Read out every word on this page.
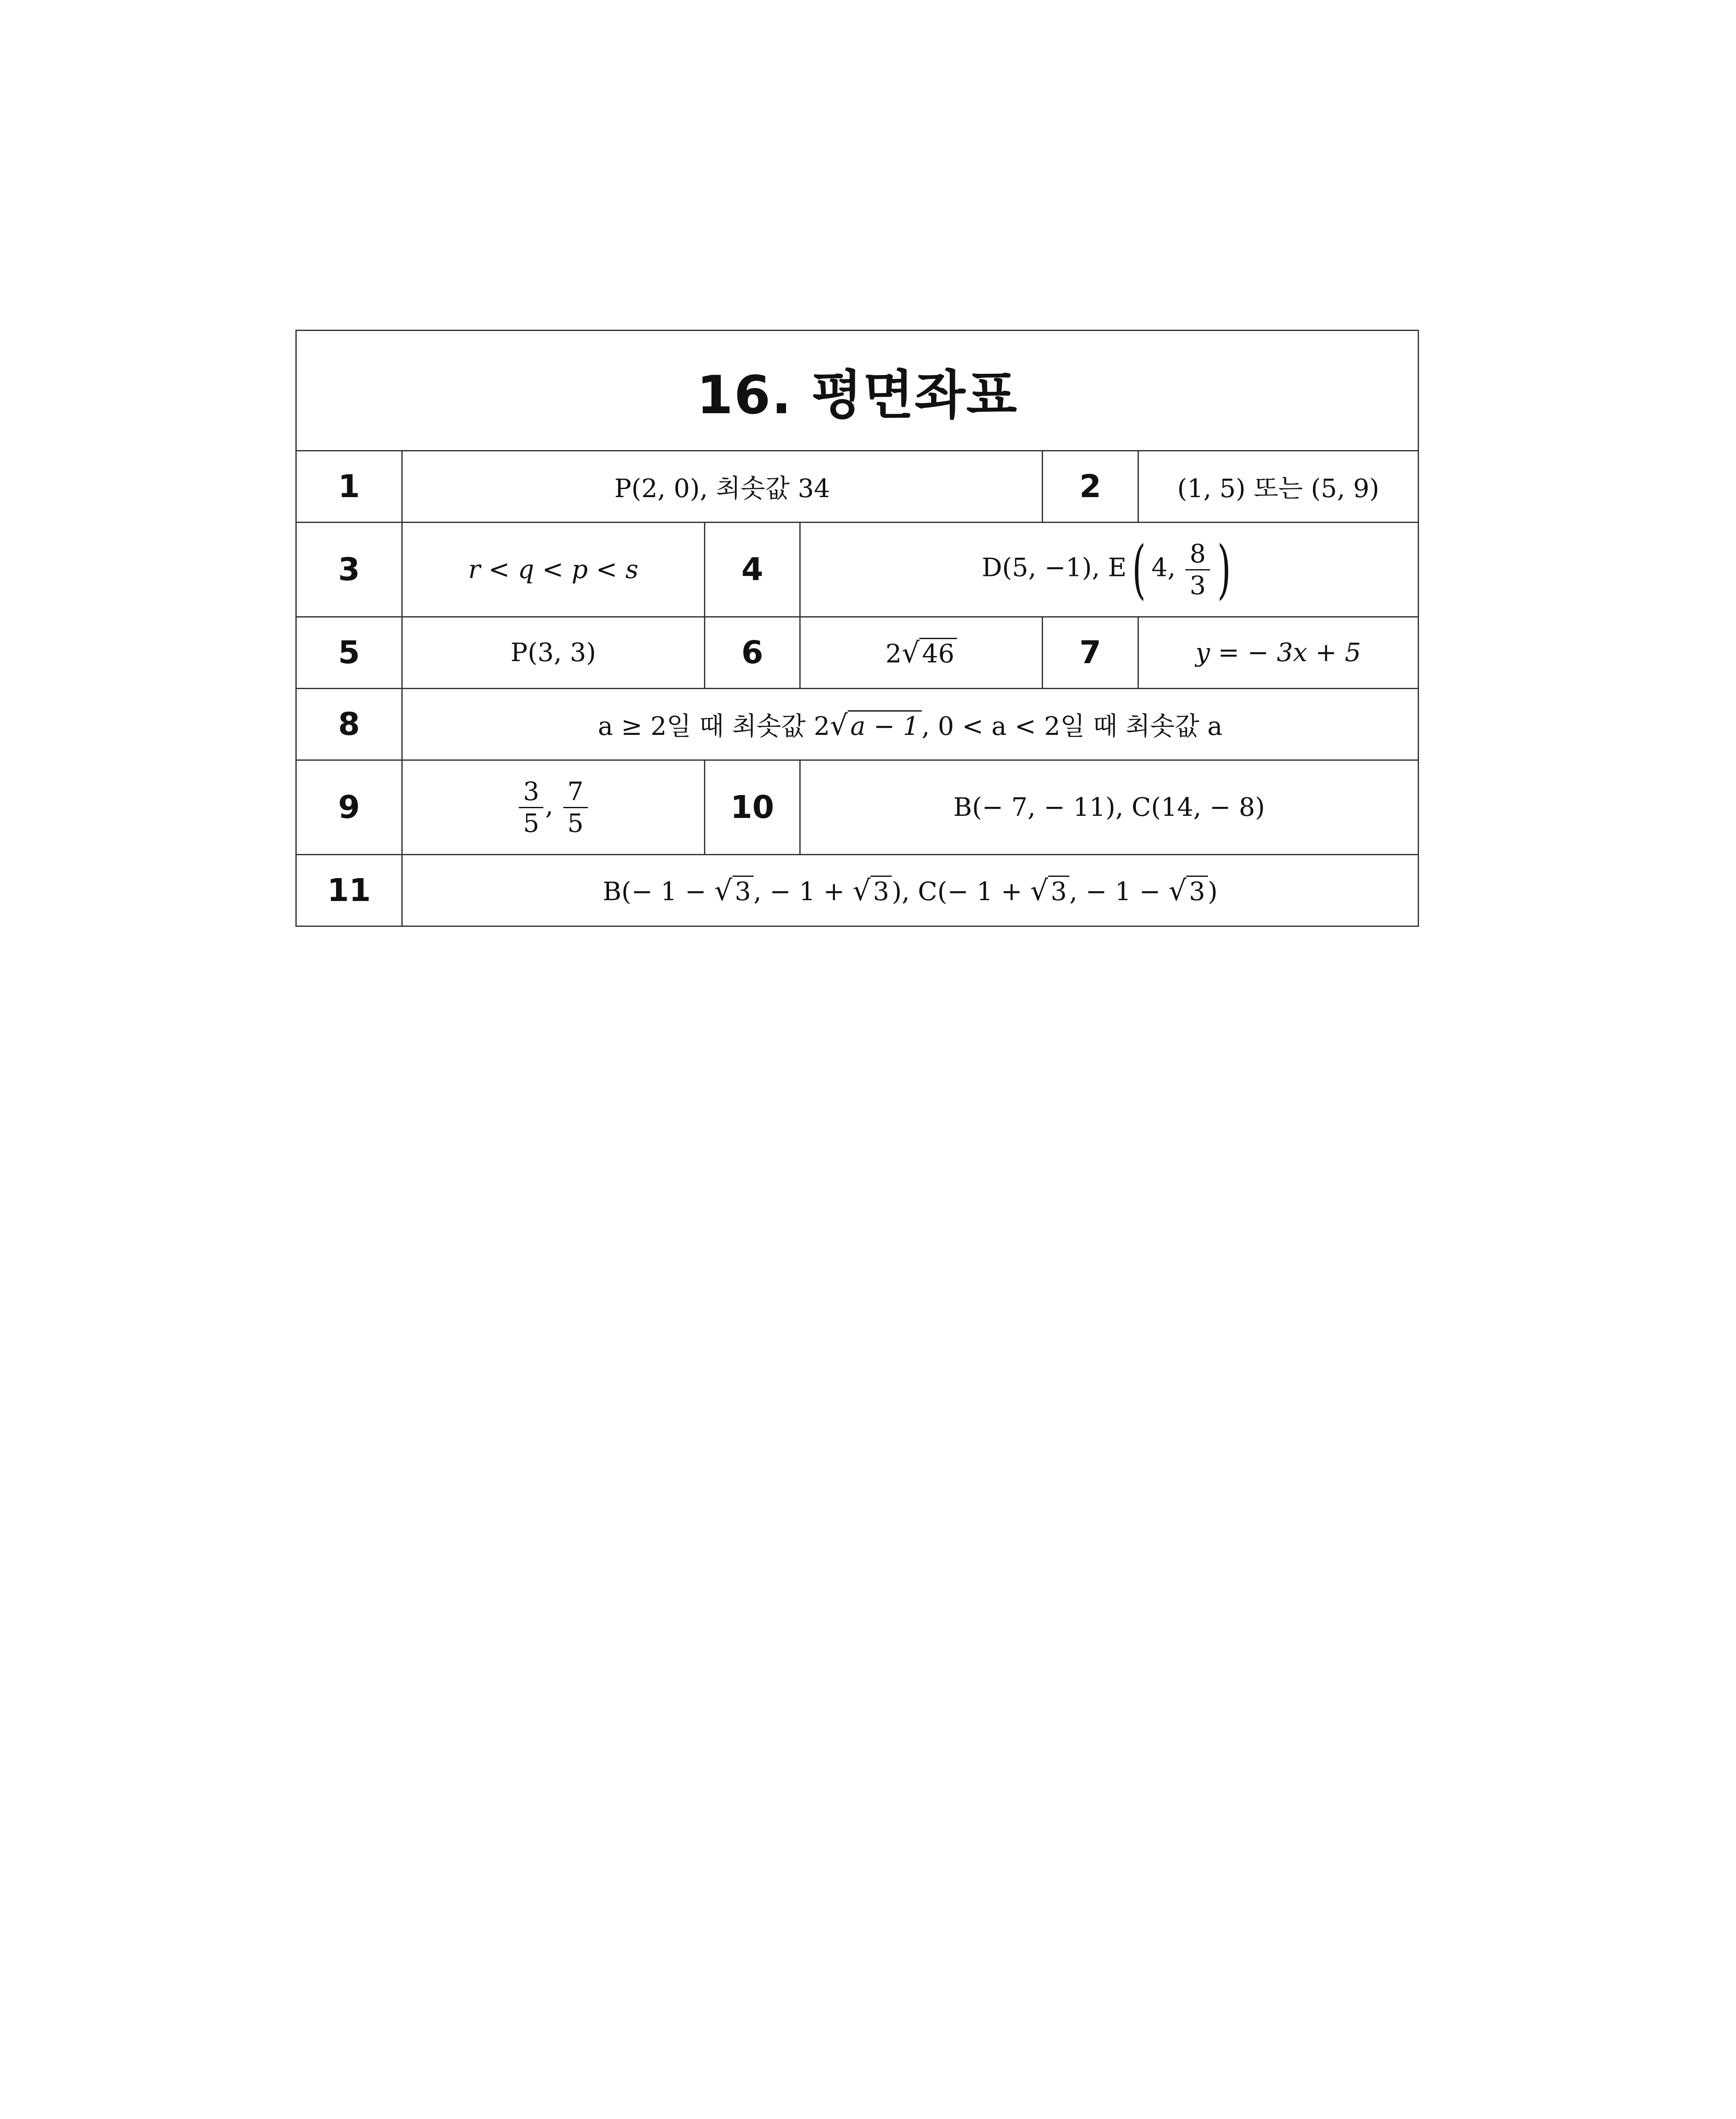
16. 평면좌표					
1	P(2, 0), 최솟값 34			2	(1, 5) 또는 (5, 9)
3	r < q < p < s	4	D(5, −1), E( 4, $\frac{8}{3}$ )		
5	P(3, 3)	6	2√ 46	7	y = − 3x + 5
8	a ≥ 2일 때 최솟값 2√ a − 1 , 0 < a < 2일 때 최솟값 a				
9	$\frac{3}{5}$ , $\frac{7}{5}$	10	B(− 7, − 11), C(14, − 8)		
11	B(− 1 − √ 3 , − 1 + √ 3 ), C(− 1 + √ 3 , − 1 − √ 3 )				
